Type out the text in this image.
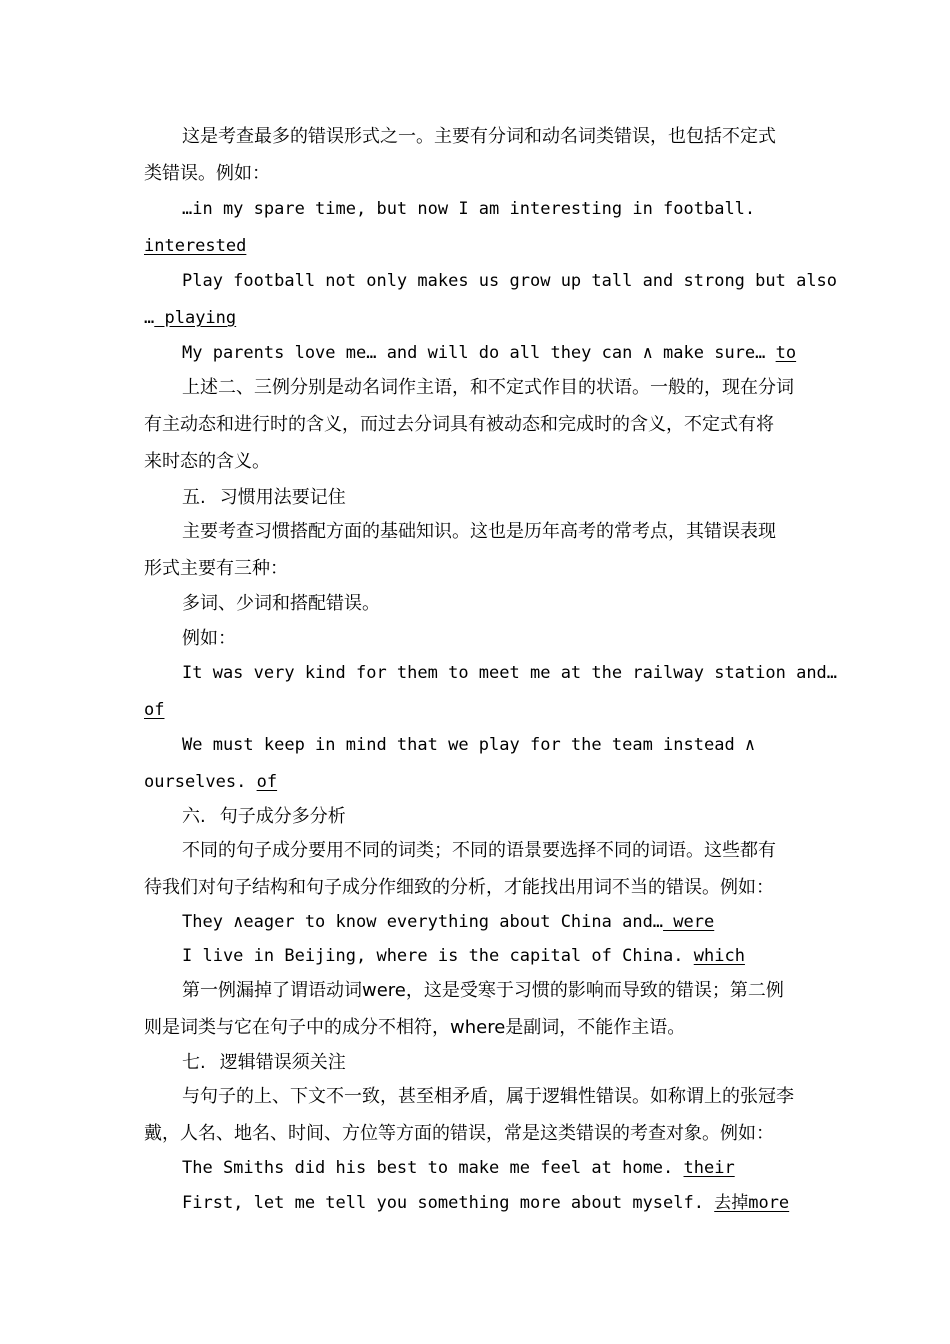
这是考查最多的错误形式之一。主要有分词和动名词类错误，也包括不定式
类错误。例如：
…in my spare time, but now I am interesting in football.
interested
Play football not only makes us grow up tall and strong but also
… playing
My parents love me… and will do all they can ∧ make sure… to
上述二、三例分别是动名词作主语，和不定式作目的状语。一般的，现在分词
有主动态和进行时的含义，而过去分词具有被动态和完成时的含义，不定式有将
来时态的含义。
五. 习惯用法要记住
主要考查习惯搭配方面的基础知识。这也是历年高考的常考点，其错误表现
形式主要有三种：
多词、少词和搭配错误。
例如：
It was very kind for them to meet me at the railway station and…
of
We must keep in mind that we play for the team instead ∧
ourselves. of
六. 句子成分多分析
不同的句子成分要用不同的词类；不同的语景要选择不同的词语。这些都有
待我们对句子结构和句子成分作细致的分析，才能找出用词不当的错误。例如：
They ∧eager to know everything about China and… were
I live in Beijing, where is the capital of China. which
第一例漏掉了谓语动词were，这是受寒于习惯的影响而导致的错误；第二例
则是词类与它在句子中的成分不相符，where是副词，不能作主语。
七. 逻辑错误须关注
与句子的上、下文不一致，甚至相矛盾，属于逻辑性错误。如称谓上的张冠李
戴，人名、地名、时间、方位等方面的错误，常是这类错误的考查对象。例如：
The Smiths did his best to make me feel at home. their
First, let me tell you something more about myself. 去掉more
